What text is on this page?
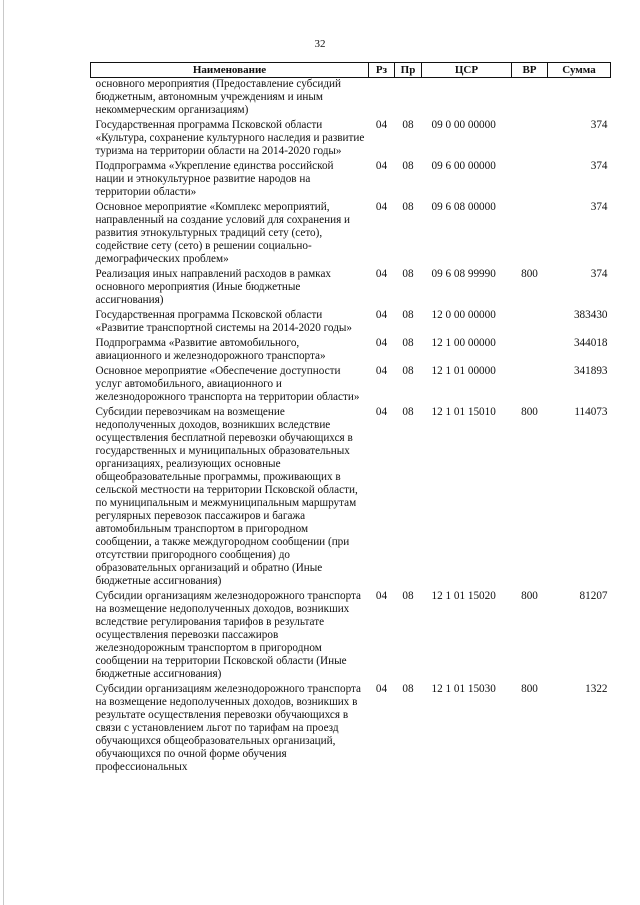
32
Наименование	Рз	Пр	ЦСР	ВР	Сумма
основного мероприятия (Предоставление субсидий бюджетным, автономным учреждениям и иным некоммерческим организациям)					
Государственная программа Псковской области «Культура, сохранение культурного наследия и развитие туризма на территории области на 2014-2020 годы»	04	08	09 0 00 00000		374
Подпрограмма «Укрепление единства российской нации и этнокультурное развитие народов на территории области»	04	08	09 6 00 00000		374
Основное мероприятие «Комплекс мероприятий, направленный на создание условий для сохранения и развития этнокультурных традиций сету (сето), содействие сету (сето) в решении социально-демографических проблем»	04	08	09 6 08 00000		374
Реализация иных направлений расходов в рамках основного мероприятия (Иные бюджетные ассигнования)	04	08	09 6 08 99990	800	374
Государственная программа Псковской области «Развитие транспортной системы на 2014-2020 годы»	04	08	12 0 00 00000		383430
Подпрограмма «Развитие автомобильного, авиационного и железнодорожного транспорта»	04	08	12 1 00 00000		344018
Основное мероприятие «Обеспечение доступности услуг автомобильного, авиационного и железнодорожного транспорта на территории области»	04	08	12 1 01 00000		341893
Субсидии перевозчикам на возмещение недополученных доходов, возникших вследствие осуществления бесплатной перевозки обучающихся в государственных и муниципальных образовательных организациях, реализующих основные общеобразовательные программы, проживающих в сельской местности на территории Псковской области, по муниципальным и межмуниципальным маршрутам регулярных перевозок пассажиров и багажа автомобильным транспортом в пригородном сообщении, а также междугородном сообщении (при отсутствии пригородного сообщения) до образовательных организаций и обратно (Иные бюджетные ассигнования)	04	08	12 1 01 15010	800	114073
Субсидии организациям железнодорожного транспорта на возмещение недополученных доходов, возникших вследствие регулирования тарифов в результате осуществления перевозки пассажиров железнодорожным транспортом в пригородном сообщении на территории Псковской области (Иные бюджетные ассигнования)	04	08	12 1 01 15020	800	81207
Субсидии организациям железнодорожного транспорта на возмещение недополученных доходов, возникших в результате осуществления перевозки обучающихся в связи с установлением льгот по тарифам на проезд обучающихся общеобразовательных организаций, обучающихся по очной форме обучения профессиональных	04	08	12 1 01 15030	800	1322
